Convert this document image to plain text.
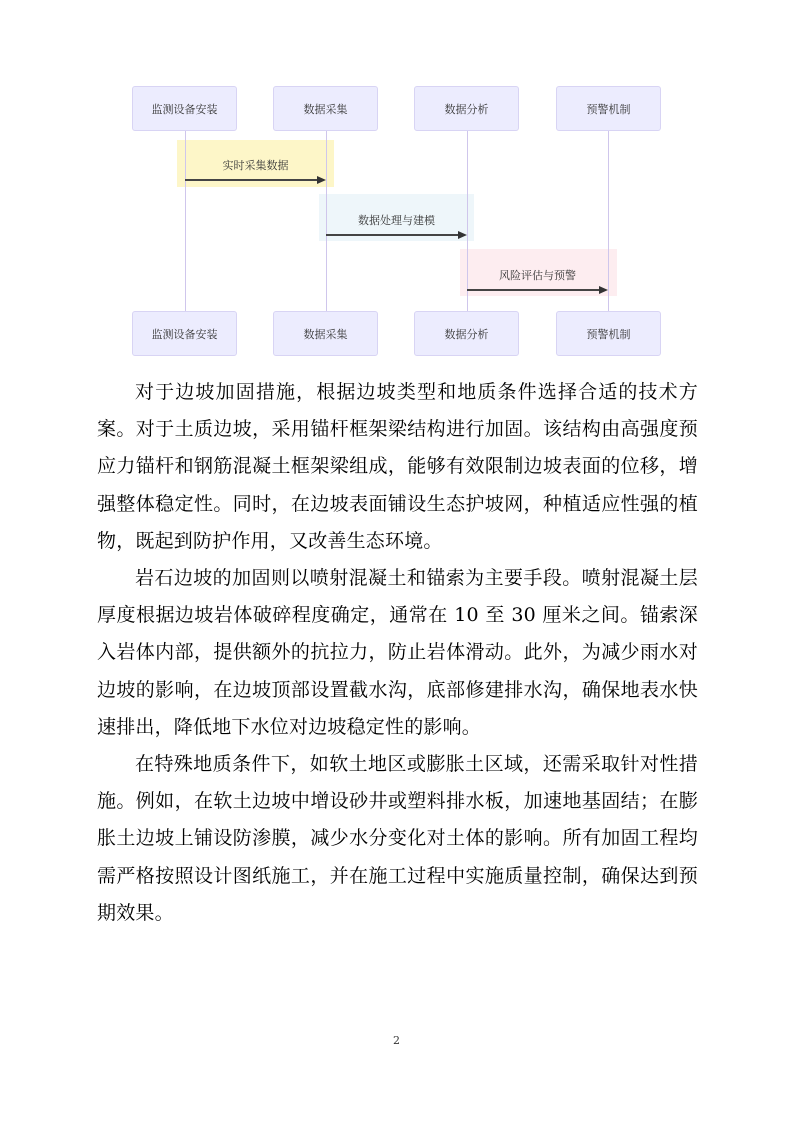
监测设备安装	数据采集	数据分析	预警机制
实时采集数据
数据处理与建模
风险评估与预警
监测设备安装	数据采集	数据分析	预警机制

对于边坡加固措施，根据边坡类型和地质条件选择合适的技术方案。对于土质边坡，采用锚杆框架梁结构进行加固。该结构由高强度预应力锚杆和钢筋混凝土框架梁组成，能够有效限制边坡表面的位移，增强整体稳定性。同时，在边坡表面铺设生态护坡网，种植适应性强的植物，既起到防护作用，又改善生态环境。

岩石边坡的加固则以喷射混凝土和锚索为主要手段。喷射混凝土层厚度根据边坡岩体破碎程度确定，通常在 10 至 30 厘米之间。锚索深入岩体内部，提供额外的抗拉力，防止岩体滑动。此外，为减少雨水对边坡的影响，在边坡顶部设置截水沟，底部修建排水沟，确保地表水快速排出，降低地下水位对边坡稳定性的影响。

在特殊地质条件下，如软土地区或膨胀土区域，还需采取针对性措施。例如，在软土边坡中增设砂井或塑料排水板，加速地基固结；在膨胀土边坡上铺设防渗膜，减少水分变化对土体的影响。所有加固工程均需严格按照设计图纸施工，并在施工过程中实施质量控制，确保达到预期效果。

2
